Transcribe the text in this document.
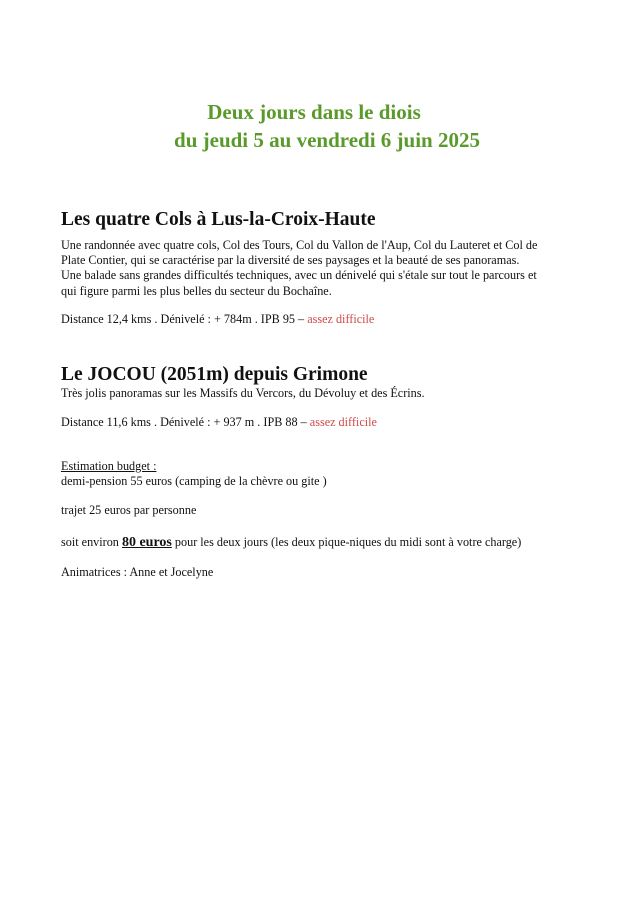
Deux jours dans le diois
du jeudi 5 au vendredi 6 juin 2025
Les quatre Cols à Lus-la-Croix-Haute
Une randonnée avec quatre cols, Col des Tours, Col du Vallon de l'Aup, Col du Lauteret et Col de
Plate Contier, qui se caractérise par la diversité de ses paysages et la beauté de ses panoramas.
Une balade sans grandes difficultés techniques, avec un dénivelé qui s'étale sur tout le parcours et
qui figure parmi les plus belles du secteur du Bochaîne.
Distance 12,4 kms . Dénivelé : + 784m . IPB 95 – assez difficile
Le JOCOU (2051m) depuis Grimone
Très jolis panoramas sur les Massifs du Vercors, du Dévoluy et des Écrins.
Distance 11,6 kms . Dénivelé : + 937 m . IPB 88 – assez difficile
Estimation budget :
demi-pension 55 euros (camping de la chèvre ou gite )
trajet 25 euros par personne
soit environ 80 euros pour les deux jours (les deux pique-niques du midi sont à votre charge)
Animatrices : Anne et Jocelyne
